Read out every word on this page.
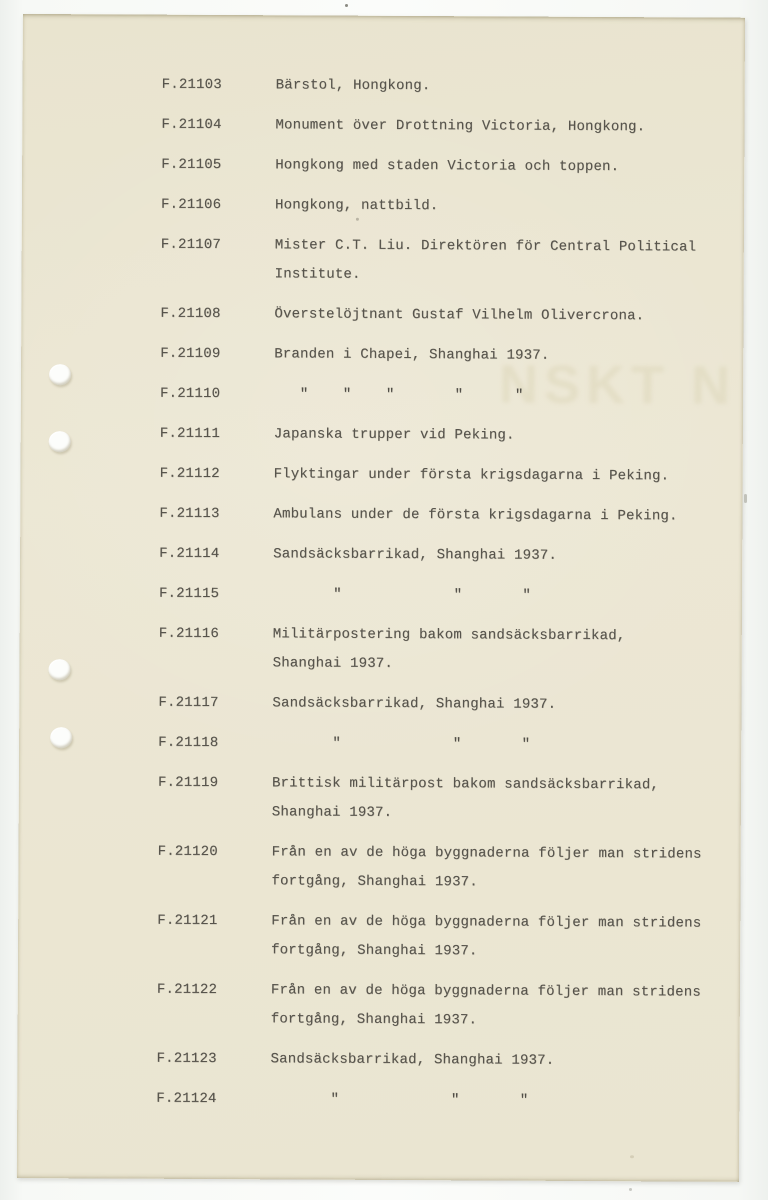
NSKT N
F.21103	Bärstol, Hongkong.
F.21104	Monument över Drottning Victoria, Hongkong.
F.21105	Hongkong med staden Victoria och toppen.
F.21106	Hongkong, nattbild.
F.21107	Mister C.T. Liu. Direktören för Central Political
Institute.
F.21108	Överstelöjtnant Gustaf Vilhelm Olivercrona.
F.21109	Branden i Chapei, Shanghai 1937.
F.21110	"    "    "       "      "
F.21111	Japanska trupper vid Peking.
F.21112	Flyktingar under första krigsdagarna i Peking.
F.21113	Ambulans under de första krigsdagarna i Peking.
F.21114	Sandsäcksbarrikad, Shanghai 1937.
F.21115	"             "       "
F.21116	Militärpostering bakom sandsäcksbarrikad,
Shanghai 1937.
F.21117	Sandsäcksbarrikad, Shanghai 1937.
F.21118	"             "       "
F.21119	Brittisk militärpost bakom sandsäcksbarrikad,
Shanghai 1937.
F.21120	Från en av de höga byggnaderna följer man stridens
fortgång, Shanghai 1937.
F.21121	Från en av de höga byggnaderna följer man stridens
fortgång, Shanghai 1937.
F.21122	Från en av de höga byggnaderna följer man stridens
fortgång, Shanghai 1937.
F.21123	Sandsäcksbarrikad, Shanghai 1937.
F.21124	"             "       "
